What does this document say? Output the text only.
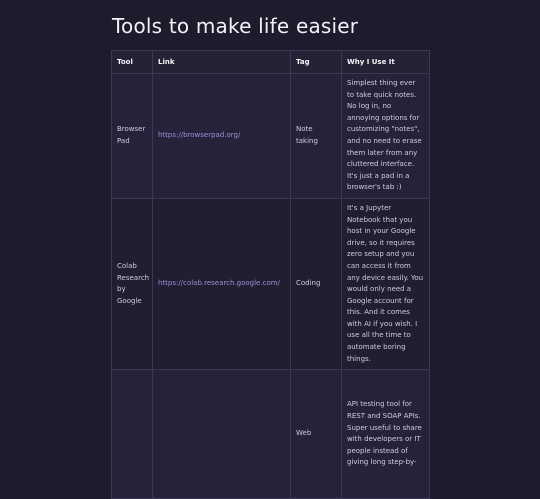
Tools to make life easier
Tool	Link	Tag	Why I Use It
Browser Pad	https://browserpad.org/	Note taking	Simplest thing ever to take quick notes. No log in, no annoying options for customizing "notes", and no need to erase them later from any cluttered interface. It's just a pad in a browser's tab :)
Colab Research by Google	https://colab.research.google.com/	Coding	It's a Jupyter Notebook that you host in your Google drive, so it requires zero setup and you can access it from any device easily. You would only need a Google account for this. And it comes with AI if you wish. I use all the time to automate boring things.
		Web	API testing tool for REST and SOAP APIs. Super useful to share with developers or IT people instead of giving long step-by-
